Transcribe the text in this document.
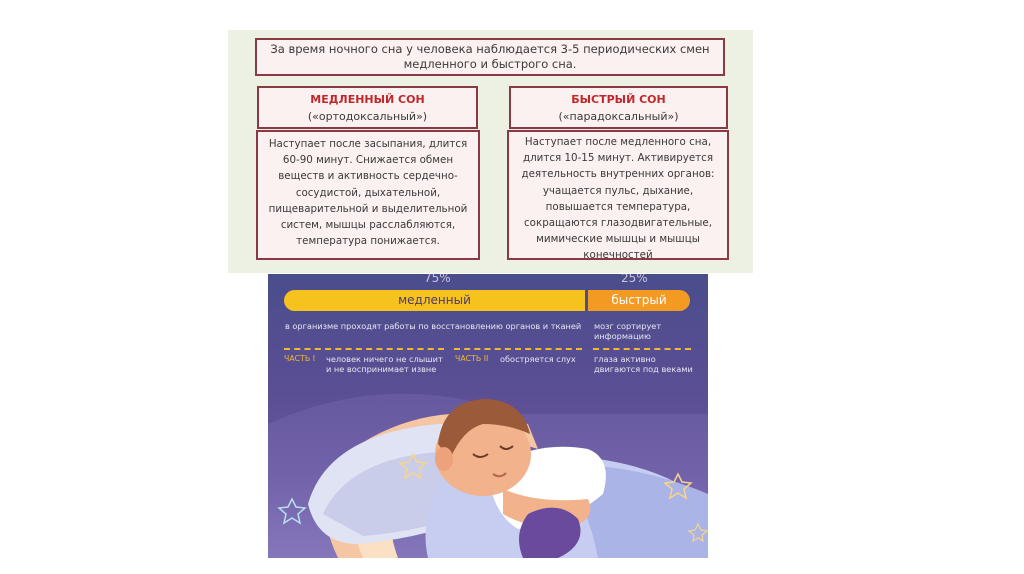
За время ночного сна у человека наблюдается 3-5 периодических смен
медленного и быстрого сна.
МЕДЛЕННЫЙ СОН
(«ортодоксальный»)
БЫСТРЫЙ СОН
(«парадоксальный»)
Наступает после засыпания, длится
60-90 минут. Снижается обмен
веществ и активность сердечно-
сосудистой, дыхательной,
пищеварительной и выделительной
систем, мышцы расслабляются,
температура понижается.
Наступает после медленного сна,
длится 10-15 минут. Активируется
деятельность внутренних органов:
учащается пульс, дыхание,
повышается температура,
сокращаются глазодвигательные,
мимические мышцы и мышцы
конечностей
75%	25%
медленный	быстрый
в организме проходят работы по восстановлению органов и тканей мозг сортирует информацию
ЧАСТЬ I человек ничего не слышит и не воспринимает извне
ЧАСТЬ II обостряется слух глаза активно двигаются под веками
